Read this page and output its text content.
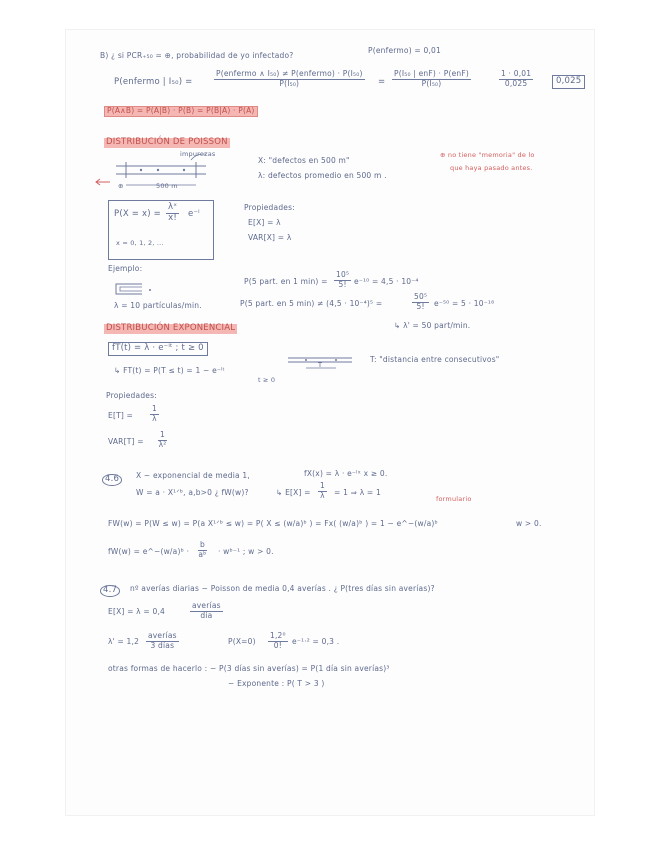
B) ¿ si PCR₊₅₀ = ⊕, probabilidad de yo infectado?
P(enfermo) = 0,01
P(enfermo | I₅₀) =	$\frac{\text{P(enfermo ∧ I₅₀) ≠ P(enfermo) · P(I₅₀)}}{\text{P(I₅₀)}} = \frac{\text{P(I₅₀ | enF) · P(enF)}}{\text{P(I₅₀)}}$	$\frac{1 \cdot 0,01}{0,025}$	0,025
P(A∧B) = P(A|B) · P(B) = P(B|A) · P(A)
DISTRIBUCIÓN DE POISSON
impurezas
500 m
⊕
X: "defectos en 500 m"
λ: defectos promedio en 500 m .
⊕ no tiene "memoria" de lo
que haya pasado antes.
$P(X = x) = \frac{\text{λˣ}}{x!}$ e⁻ˡ
x = 0, 1, 2, ...
Propiedades:
E[X] = λ
VAR[X] = λ
Ejemplo:
λ = 10 partículas/min.
P(5 part. en 1 $\min) = \frac{\text{10⁵}}{5!} e^{-10} = 4,5 \cdot 10^{-4}$
P(5 part. en 5 min) ≠ (4,5 · 10⁻⁴)⁵ =	$\frac{\text{50⁵}}{5!} e^{-50} = 5 \cdot 10^{-16}$
↳ λ' = 50 part/min.
DISTRIBUCIÓN EXPONENCIAL
fT(t) = λ · e⁻ˡᵗ ; t ≥ 0
↳ FT(t) = P(T ≤ t) = 1 − e⁻ˡᵗ
t ≥ 0
T
T: "distancia entre consecutivos"
Propiedades:
$E[T] = \frac{1}{\lambda}$
$VAR[T] = \frac{1}{\text{λ²}}$
4.6	X ~ exponencial de media 1,	fX(x) = λ · e⁻ˡˣ x ≥ 0.
W = a · X¹ᐟᵇ, a,b>0 ¿ fW(w)?	↳ $E[X] = \frac{1}{\lambda} = 1$ ⇒ λ = 1
formulario
FW(w) = P(W ≤ w) = P(a X¹ᐟᵇ ≤ w) = P( X ≤ (w/a)ᵇ ) = Fx( (w/a)ᵇ ) = 1 − e^−(w/a)ᵇ	w > 0.
fW(w) = e^−(w/a)ᵇ · $\frac{b}{\text{aᵇ}}$ · wᵇ⁻¹ ; w > 0.
4.7	nº averías diarias ~ Poisson de media 0,4 averías . ¿ P(tres días sin averías)?
E[X] = λ = 0,4	$\frac{\text{averías}}{\text{día}}$
$\lambda' = 1,2 \frac{\text{averías}}{\text{3 días}}$	$P(X=0) \frac{\text{1,2⁰}}{0!} e^{-1}\cdot^2 = 0,3$ .
otras formas de hacerlo : − P(3 días sin averías) = P(1 día sin averías)³
− Exponente : P( T > 3 )
